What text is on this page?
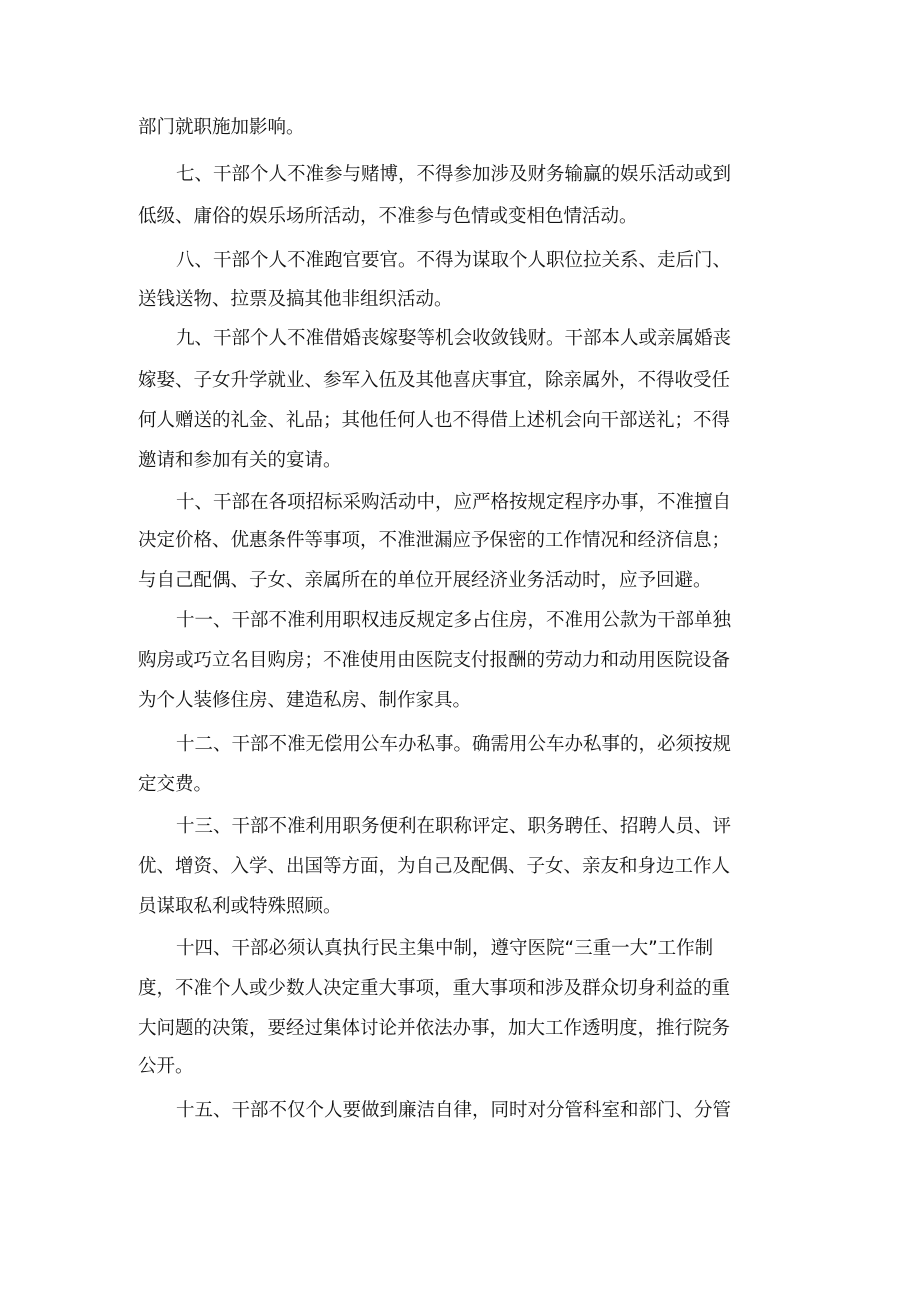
部门就职施加影响。
七、干部个人不准参与赌博，不得参加涉及财务输赢的娱乐活动或到
低级、庸俗的娱乐场所活动，不准参与色情或变相色情活动。
八、干部个人不准跑官要官。不得为谋取个人职位拉关系、走后门、
送钱送物、拉票及搞其他非组织活动。
九、干部个人不准借婚丧嫁娶等机会收敛钱财。干部本人或亲属婚丧
嫁娶、子女升学就业、参军入伍及其他喜庆事宜，除亲属外，不得收受任
何人赠送的礼金、礼品；其他任何人也不得借上述机会向干部送礼；不得
邀请和参加有关的宴请。
十、干部在各项招标采购活动中，应严格按规定程序办事，不准擅自
决定价格、优惠条件等事项，不准泄漏应予保密的工作情况和经济信息；
与自己配偶、子女、亲属所在的单位开展经济业务活动时，应予回避。
十一、干部不准利用职权违反规定多占住房，不准用公款为干部单独
购房或巧立名目购房；不准使用由医院支付报酬的劳动力和动用医院设备
为个人装修住房、建造私房、制作家具。
十二、干部不准无偿用公车办私事。确需用公车办私事的，必须按规
定交费。
十三、干部不准利用职务便利在职称评定、职务聘任、招聘人员、评
优、增资、入学、出国等方面，为自己及配偶、子女、亲友和身边工作人
员谋取私利或特殊照顾。
十四、干部必须认真执行民主集中制，遵守医院“三重一大”工作制
度，不准个人或少数人决定重大事项，重大事项和涉及群众切身利益的重
大问题的决策，要经过集体讨论并依法办事，加大工作透明度，推行院务
公开。
十五、干部不仅个人要做到廉洁自律，同时对分管科室和部门、分管
